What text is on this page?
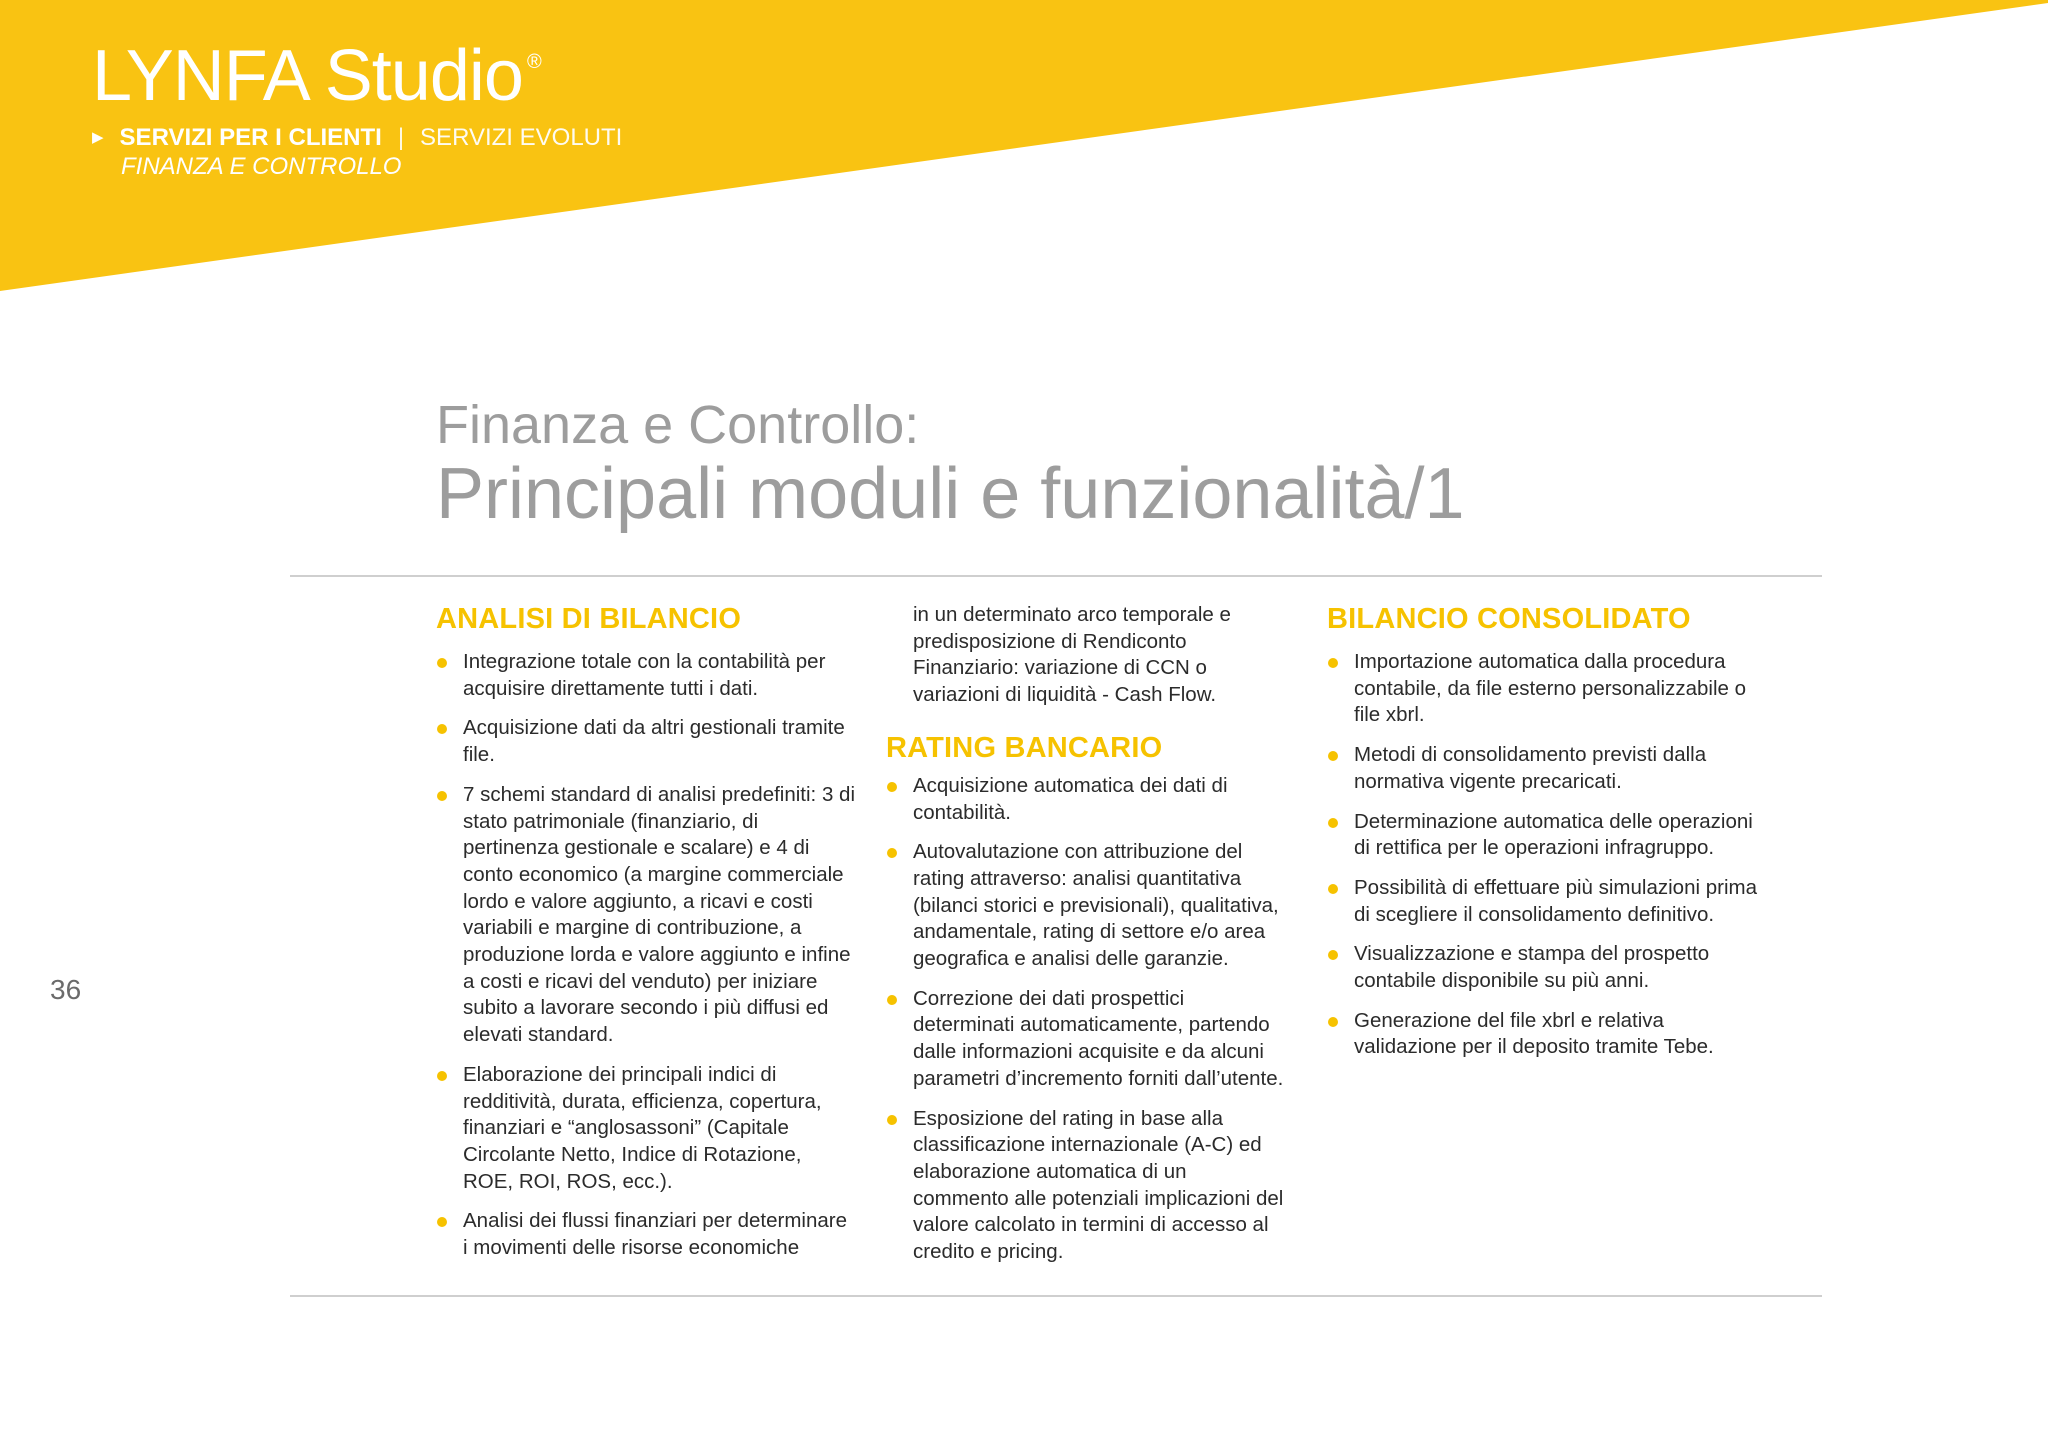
LYNFA Studio ®
▶ SERVIZI PER I CLIENTI | SERVIZI EVOLUTI
FINANZA E CONTROLLO
Finanza e Controllo:
Principali moduli e funzionalità/1
36
ANALISI DI BILANCIO
Integrazione totale con la contabilità per acquisire direttamente tutti i dati.
Acquisizione dati da altri gestionali tramite file.
7 schemi standard di analisi predefiniti: 3 di stato patrimoniale (finanziario, di pertinenza gestionale e scalare) e 4 di conto economico (a margine commerciale lordo e valore aggiunto, a ricavi e costi variabili e margine di contribuzione, a produzione lorda e valore aggiunto e infine a costi e ricavi del venduto) per iniziare subito a lavorare secondo i più diffusi ed elevati standard.
Elaborazione dei principali indici di redditività, durata, efficienza, copertura, finanziari e “anglosassoni” (Capitale Circolante Netto, Indice di Rotazione, ROE, ROI, ROS, ecc.).
Analisi dei flussi finanziari per determinare i movimenti delle risorse economiche
in un determinato arco temporale e predisposizione di Rendiconto Finanziario: variazione di CCN o variazioni di liquidità - Cash Flow.
RATING BANCARIO
Acquisizione automatica dei dati di contabilità.
Autovalutazione con attribuzione del rating attraverso: analisi quantitativa (bilanci storici e previsionali), qualitativa, andamentale, rating di settore e/o area geografica e analisi delle garanzie.
Correzione dei dati prospettici determinati automaticamente, partendo dalle informazioni acquisite e da alcuni parametri d’incremento forniti dall’utente.
Esposizione del rating in base alla classificazione internazionale (A-C) ed elaborazione automatica di un commento alle potenziali implicazioni del valore calcolato in termini di accesso al credito e pricing.
BILANCIO CONSOLIDATO
Importazione automatica dalla procedura contabile, da file esterno personalizzabile o file xbrl.
Metodi di consolidamento previsti dalla normativa vigente precaricati.
Determinazione automatica delle operazioni di rettifica per le operazioni infragruppo.
Possibilità di effettuare più simulazioni prima di scegliere il consolidamento definitivo.
Visualizzazione e stampa del prospetto contabile disponibile su più anni.
Generazione del file xbrl e relativa validazione per il deposito tramite Tebe.
